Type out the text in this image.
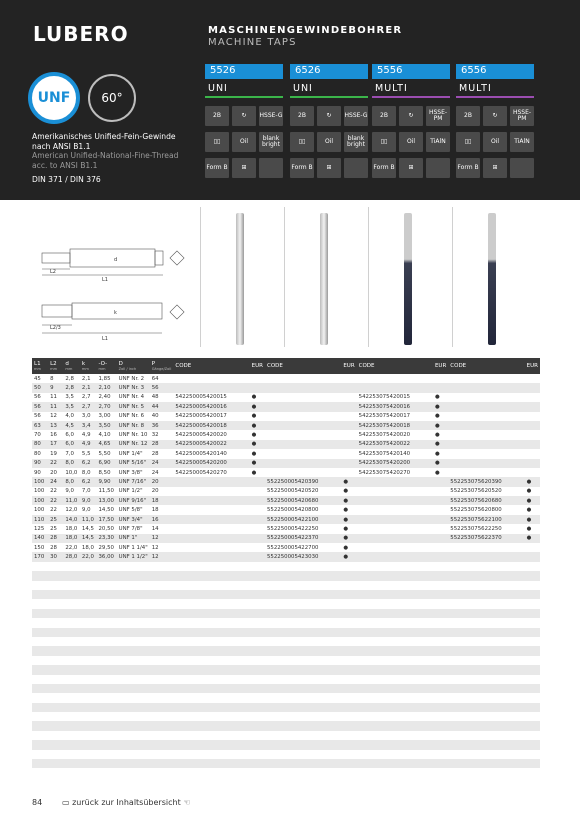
LUBERO
UNF	60°
Amerikanisches Unified-Fein-Gewinde nach ANSI B1.1
American Unified-National-Fine-Thread acc. to ANSI B1.1
DIN 371 / DIN 376
MASCHINENGEWINDEBOHRER
MACHINE TAPS
5526
UNI
2B	↻	HSSE-G
▯▯	Oil	blank bright
Form B	⊞
6526
UNI
2B	↻	HSSE-G
▯▯	Oil	blank bright
Form B	⊞
5556
MULTI
2B	↻	HSSE-PM
▯▯	Oil	TiAlN
Form B	⊞
6556
MULTI
2B	↻	HSSE-PM
▯▯	Oil	TiAlN
Form B	⊞
L2
L1
d
L2/3
L1
k
L1
mm	L2
mm	d
mm	k
mm	-O-
mm	D
Zoll / inch	P
Gänge/Zoll	CODE	EUR	CODE	EUR	CODE	EUR	CODE	EUR

45	8	2,8	2,1	1,85	UNF Nr. 2	64								
50	9	2,8	2,1	2,10	UNF Nr. 3	56								
56	11	3,5	2,7	2,40	UNF Nr. 4	48	542250005420015	●			542253075420015	●		
56	11	3,5	2,7	2,70	UNF Nr. 5	44	542250005420016	●			542253075420016	●		
56	12	4,0	3,0	3,00	UNF Nr. 6	40	542250005420017	●			542253075420017	●		
63	13	4,5	3,4	3,50	UNF Nr. 8	36	542250005420018	●			542253075420018	●		
70	16	6,0	4,9	4,10	UNF Nr. 10	32	542250005420020	●			542253075420020	●		
80	17	6,0	4,9	4,65	UNF Nr. 12	28	542250005420022	●			542253075420022	●		
80	19	7,0	5,5	5,50	UNF 1/4"	28	542250005420140	●			542253075420140	●		
90	22	8,0	6,2	6,90	UNF 5/16"	24	542250005420200	●			542253075420200	●		
90	20	10,0	8,0	8,50	UNF 3/8"	24	542250005420270	●			542253075420270	●		
100	24	8,0	6,2	9,90	UNF 7/16"	20			552250005420390	●			552253075620390	●
100	22	9,0	7,0	11,50	UNF 1/2"	20			552250005420520	●			552253075620520	●
100	22	11,0	9,0	13,00	UNF 9/16"	18			552250005420680	●			552253075620680	●
100	22	12,0	9,0	14,50	UNF 5/8"	18			552250005420800	●			552253075620800	●
110	25	14,0	11,0	17,50	UNF 3/4"	16			552250005422100	●			552253075622100	●
125	25	18,0	14,5	20,50	UNF 7/8"	14			552250005422250	●			552253075622250	●
140	28	18,0	14,5	23,30	UNF 1"	12			552250005422370	●			552253075622370	●
150	28	22,0	18,0	29,50	UNF 1 1/4"	12			552250005422700	●				
170	30	28,0	22,0	36,00	UNF 1 1/2"	12			552250005423030	●				

84 ▭ zurück zur Inhaltsübersicht ☜
